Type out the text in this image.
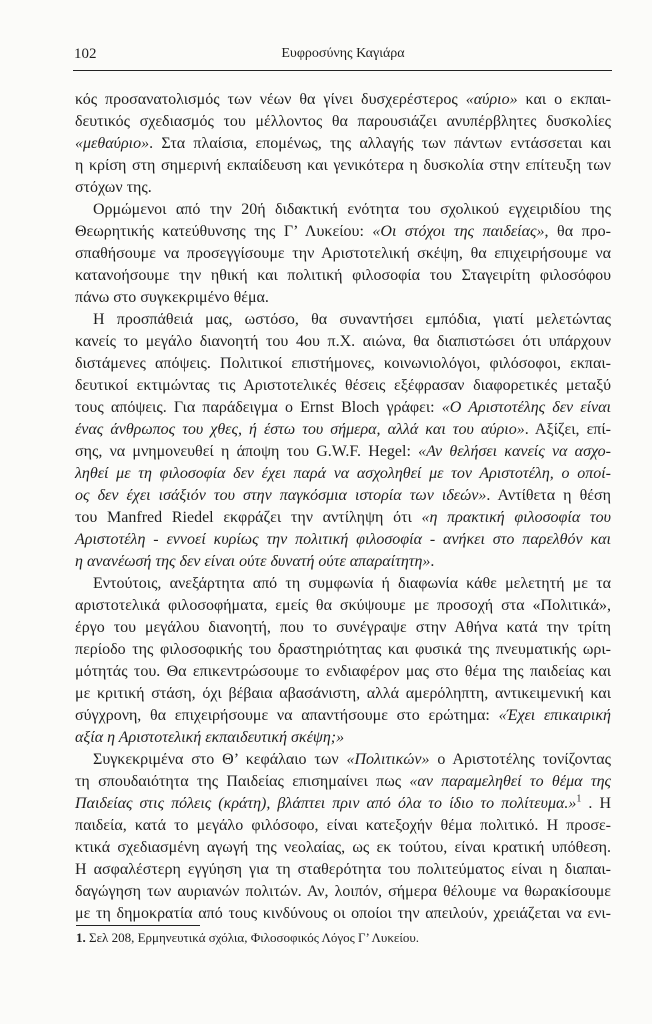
102	Ευφροσύνης Καγιάρα
κός προσανατολισμός των νέων θα γίνει δυσχερέστερος «αύριο» και ο εκπαι-
δευτικός σχεδιασμός του μέλλοντος θα παρουσιάζει ανυπέρβλητες δυσκολίες
«μεθαύριο». Στα πλαίσια, επομένως, της αλλαγής των πάντων εντάσσεται και
η κρίση στη σημερινή εκπαίδευση και γενικότερα η δυσκολία στην επίτευξη των
στόχων της.
Ορμώμενοι από την 20ή διδακτική ενότητα του σχολικού εγχειριδίου της
Θεωρητικής κατεύθυνσης της Γ’ Λυκείου: «Οι στόχοι της παιδείας», θα προ-
σπαθήσουμε να προσεγγίσουμε την Αριστοτελική σκέψη, θα επιχειρήσουμε να
κατανοήσουμε την ηθική και πολιτική φιλοσοφία του Σταγειρίτη φιλοσόφου
πάνω στο συγκεκριμένο θέμα.
Η προσπάθειά μας, ωστόσο, θα συναντήσει εμπόδια, γιατί μελετώντας
κανείς το μεγάλο διανοητή του 4ου π.Χ. αιώνα, θα διαπιστώσει ότι υπάρχουν
διστάμενες απόψεις. Πολιτικοί επιστήμονες, κοινωνιολόγοι, φιλόσοφοι, εκπαι-
δευτικοί εκτιμώντας τις Αριστοτελικές θέσεις εξέφρασαν διαφορετικές μεταξύ
τους απόψεις. Για παράδειγμα ο Ernst Bloch γράφει: «Ο Αριστοτέλης δεν είναι
ένας άνθρωπος του χθες, ή έστω του σήμερα, αλλά και του αύριο». Αξίζει, επί-
σης, να μνημονευθεί η άποψη του G.W.F. Hegel: «Αν θελήσει κανείς να ασχο-
ληθεί με τη φιλοσοφία δεν έχει παρά να ασχοληθεί με τον Αριστοτέλη, ο οποί-
ος δεν έχει ισάξιόν του στην παγκόσμια ιστορία των ιδεών». Αντίθετα η θέση
του Manfred Riedel εκφράζει την αντίληψη ότι «η πρακτική φιλοσοφία του
Αριστοτέλη - εννοεί κυρίως την πολιτική φιλοσοφία - ανήκει στο παρελθόν και
η ανανέωσή της δεν είναι ούτε δυνατή ούτε απαραίτητη».
Εντούτοις, ανεξάρτητα από τη συμφωνία ή διαφωνία κάθε μελετητή με τα
αριστοτελικά φιλοσοφήματα, εμείς θα σκύψουμε με προσοχή στα «Πολιτικά»,
έργο του μεγάλου διανοητή, που το συνέγραψε στην Αθήνα κατά την τρίτη
περίοδο της φιλοσοφικής του δραστηριότητας και φυσικά της πνευματικής ωρι-
μότητάς του. Θα επικεντρώσουμε το ενδιαφέρον μας στο θέμα της παιδείας και
με κριτική στάση, όχι βέβαια αβασάνιστη, αλλά αμερόληπτη, αντικειμενική και
σύγχρονη, θα επιχειρήσουμε να απαντήσουμε στο ερώτημα: «Έχει επικαιρική
αξία η Αριστοτελική εκπαιδευτική σκέψη;»
Συγκεκριμένα στο Θ’ κεφάλαιο των «Πολιτικών» ο Αριστοτέλης τονίζοντας
τη σπουδαιότητα της Παιδείας επισημαίνει πως «αν παραμεληθεί το θέμα της
Παιδείας στις πόλεις (κράτη), βλάπτει πριν από όλα το ίδιο το πολίτευμα.»$^1$ . Η
παιδεία, κατά το μεγάλο φιλόσοφο, είναι κατεξοχήν θέμα πολιτικό. Η προσε-
κτικά σχεδιασμένη αγωγή της νεολαίας, ως εκ τούτου, είναι κρατική υπόθεση.
Η ασφαλέστερη εγγύηση για τη σταθερότητα του πολιτεύματος είναι η διαπαι-
δαγώγηση των αυριανών πολιτών. Αν, λοιπόν, σήμερα θέλουμε να θωρακίσουμε
με τη δημοκρατία από τους κινδύνους οι οποίοι την απειλούν, χρειάζεται να ενι-
1. Σελ 208, Ερμηνευτικά σχόλια, Φιλοσοφικός Λόγος Γ’ Λυκείου.
